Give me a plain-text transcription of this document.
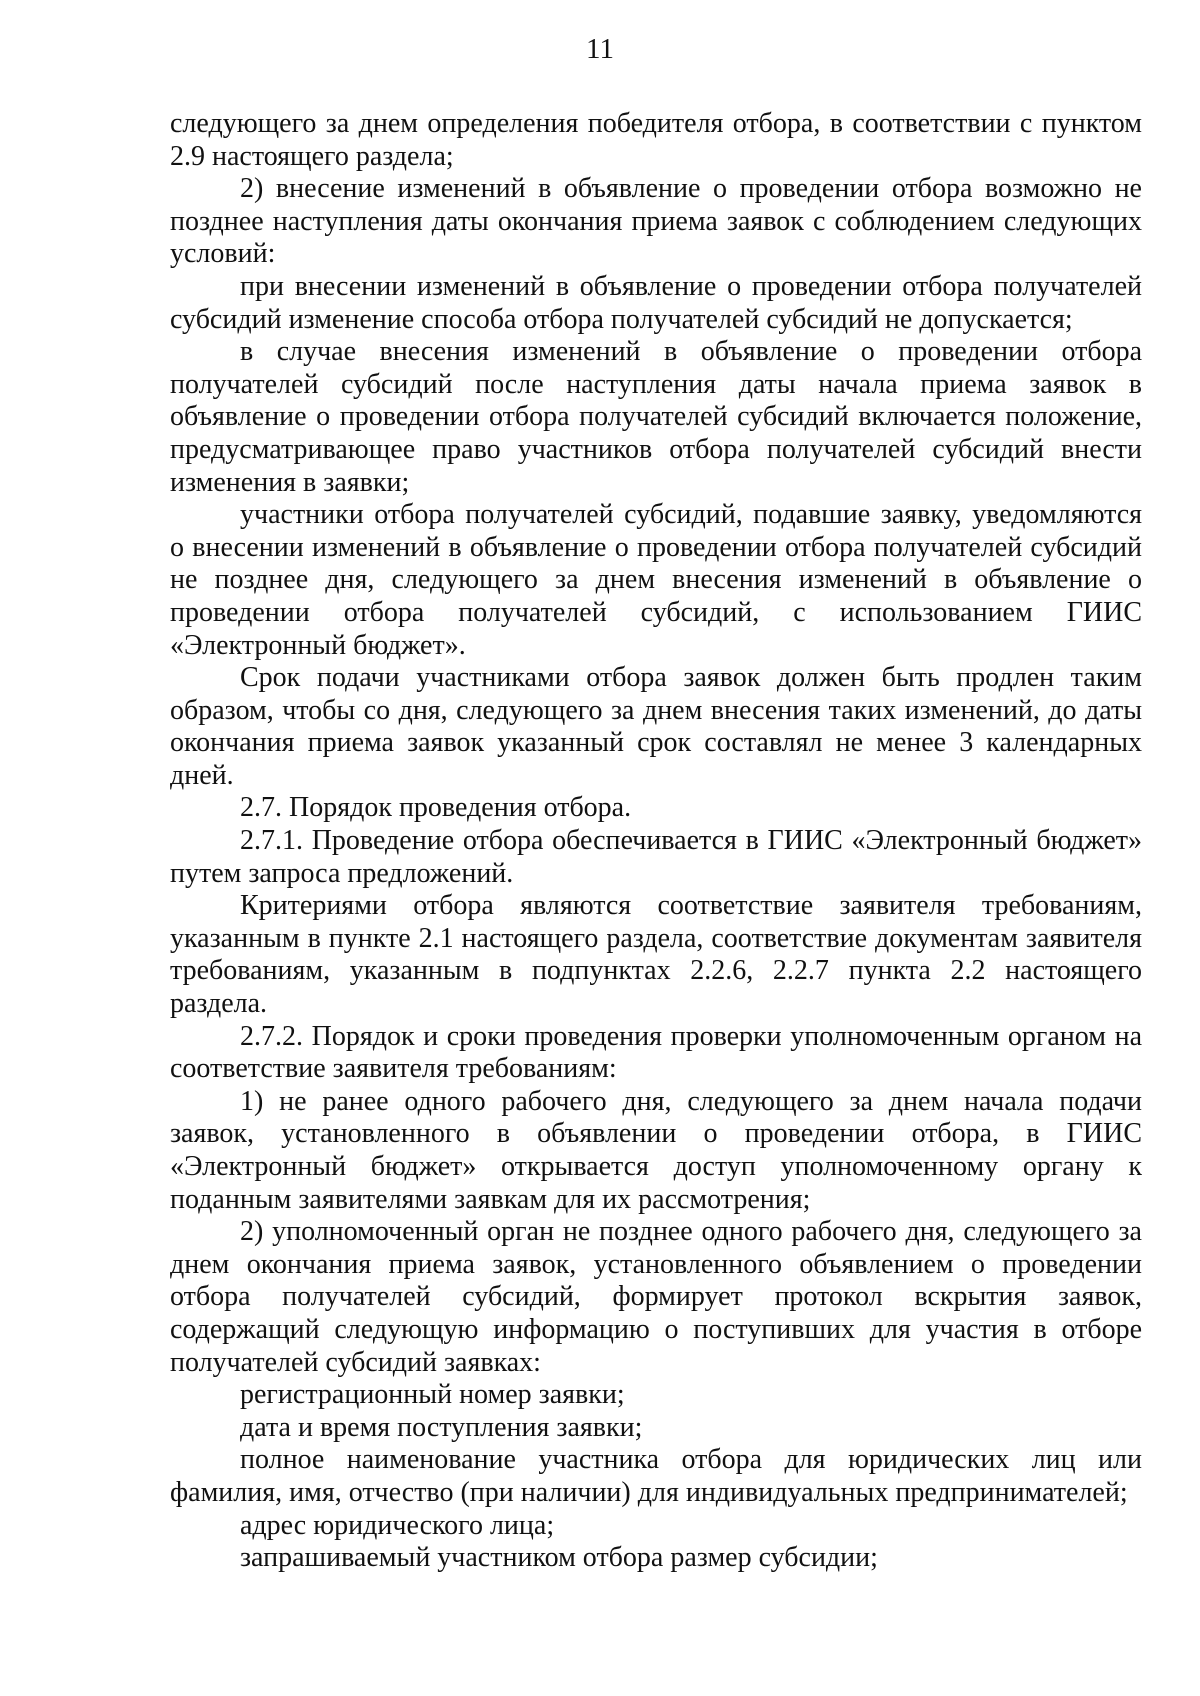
11

следующего за днем определения победителя отбора, в соответствии с пунктом 2.9 настоящего раздела;

2) внесение изменений в объявление о проведении отбора возможно не позднее наступления даты окончания приема заявок с соблюдением следующих условий:

при внесении изменений в объявление о проведении отбора получателей субсидий изменение способа отбора получателей субсидий не допускается;

в случае внесения изменений в объявление о проведении отбора получателей субсидий после наступления даты начала приема заявок в объявление о проведении отбора получателей субсидий включается положение, предусматривающее право участников отбора получателей субсидий внести изменения в заявки;

участники отбора получателей субсидий, подавшие заявку, уведомляются о внесении изменений в объявление о проведении отбора получателей субсидий не позднее дня, следующего за днем внесения изменений в объявление о проведении отбора получателей субсидий, с использованием ГИИС «Электронный бюджет».

Срок подачи участниками отбора заявок должен быть продлен таким образом, чтобы со дня, следующего за днем внесения таких изменений, до даты окончания приема заявок указанный срок составлял не менее 3 календарных дней.

2.7. Порядок проведения отбора.

2.7.1. Проведение отбора обеспечивается в ГИИС «Электронный бюджет» путем запроса предложений.

Критериями отбора являются соответствие заявителя требованиям, указанным в пункте 2.1 настоящего раздела, соответствие документам заявителя требованиям, указанным в подпунктах 2.2.6, 2.2.7 пункта 2.2 настоящего раздела.

2.7.2. Порядок и сроки проведения проверки уполномоченным органом на соответствие заявителя требованиям:

1) не ранее одного рабочего дня, следующего за днем начала подачи заявок, установленного в объявлении о проведении отбора, в ГИИС «Электронный бюджет» открывается доступ уполномоченному органу к поданным заявителями заявкам для их рассмотрения;

2) уполномоченный орган не позднее одного рабочего дня, следующего за днем окончания приема заявок, установленного объявлением о проведении отбора получателей субсидий, формирует протокол вскрытия заявок, содержащий следующую информацию о поступивших для участия в отборе получателей субсидий заявках:

регистрационный номер заявки;

дата и время поступления заявки;

полное наименование участника отбора для юридических лиц или фамилия, имя, отчество (при наличии) для индивидуальных предпринимателей;

адрес юридического лица;

запрашиваемый участником отбора размер субсидии;
